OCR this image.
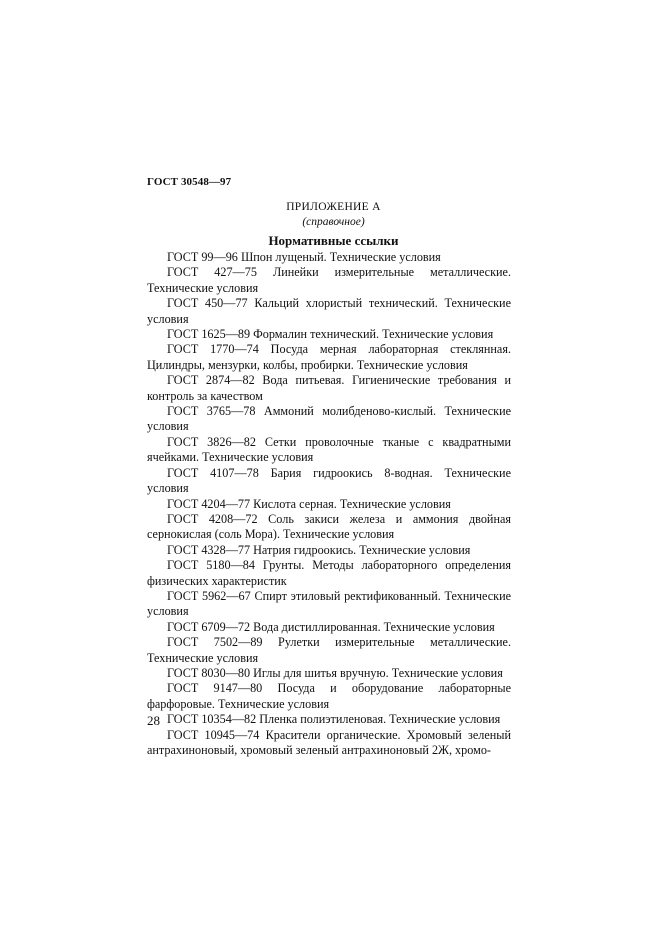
ГОСТ 30548—97
ПРИЛОЖЕНИЕ А
(справочное)
Нормативные ссылки

ГОСТ 99—96 Шпон лущеный. Технические условия

ГОСТ 427—75 Линейки измерительные металлические. Технические условия

ГОСТ 450—77 Кальций хлористый технический. Технические условия

ГОСТ 1625—89 Формалин технический. Технические условия

ГОСТ 1770—74 Посуда мерная лабораторная стеклянная. Цилиндры, мензурки, колбы, пробирки. Технические условия

ГОСТ 2874—82 Вода питьевая. Гигиенические требования и контроль за качеством

ГОСТ 3765—78 Аммоний молибденово-кислый. Технические условия

ГОСТ 3826—82 Сетки проволочные тканые с квадратными ячейками. Технические условия

ГОСТ 4107—78 Бария гидроокись 8-водная. Технические условия

ГОСТ 4204—77 Кислота серная. Технические условия

ГОСТ 4208—72 Соль закиси железа и аммония двойная сернокислая (соль Мора). Технические условия

ГОСТ 4328—77 Натрия гидроокись. Технические условия

ГОСТ 5180—84 Грунты. Методы лабораторного определения физических характеристик

ГОСТ 5962—67 Спирт этиловый ректификованный. Технические условия

ГОСТ 6709—72 Вода дистиллированная. Технические условия

ГОСТ 7502—89 Рулетки измерительные металлические. Технические условия

ГОСТ 8030—80 Иглы для шитья вручную. Технические условия

ГОСТ 9147—80 Посуда и оборудование лабораторные фарфоровые. Технические условия

ГОСТ 10354—82 Пленка полиэтиленовая. Технические условия

ГОСТ 10945—74 Красители органические. Хромовый зеленый антрахиноновый, хромовый зеленый антрахиноновый 2Ж, хромо-

28
